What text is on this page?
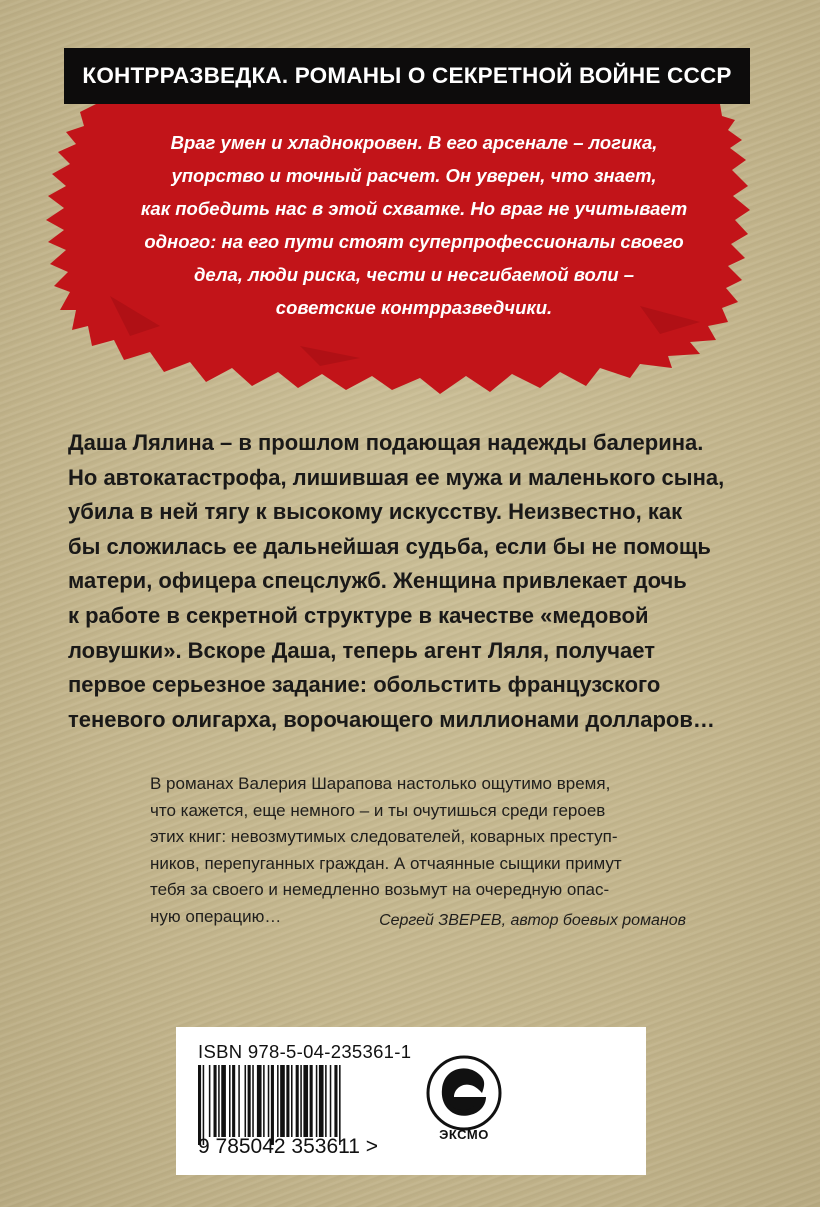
КОНТРРАЗВЕДКА. РОМАНЫ О СЕКРЕТНОЙ ВОЙНЕ СССР
Враг умен и хладнокровен. В его арсенале – логика,
упорство и точный расчет. Он уверен, что знает,
как победить нас в этой схватке. Но враг не учитывает
одного: на его пути стоят суперпрофессионалы своего
дела, люди риска, чести и несгибаемой воли –
советские контрразведчики.
Даша Лялина – в прошлом подающая надежды балерина.
Но автокатастрофа, лишившая ее мужа и маленького сына,
убила в ней тягу к высокому искусству. Неизвестно, как
бы сложилась ее дальнейшая судьба, если бы не помощь
матери, офицера спецслужб. Женщина привлекает дочь
к работе в секретной структуре в качестве «медовой
ловушки». Вскоре Даша, теперь агент Ляля, получает
первое серьезное задание: обольстить французского
теневого олигарха, ворочающего миллионами долларов…
В романах Валерия Шарапова настолько ощутимо время,
что кажется, еще немного – и ты очутишься среди героев
этих книг: невозмутимых следователей, коварных преступ-
ников, перепуганных граждан. А отчаянные сыщики примут
тебя за своего и немедленно возьмут на очередную опас-
ную операцию…	Сергей ЗВЕРЕВ, автор боевых романов
ISBN 978-5-04-235361-1
9 785042 353611 >
ЭКСМО
